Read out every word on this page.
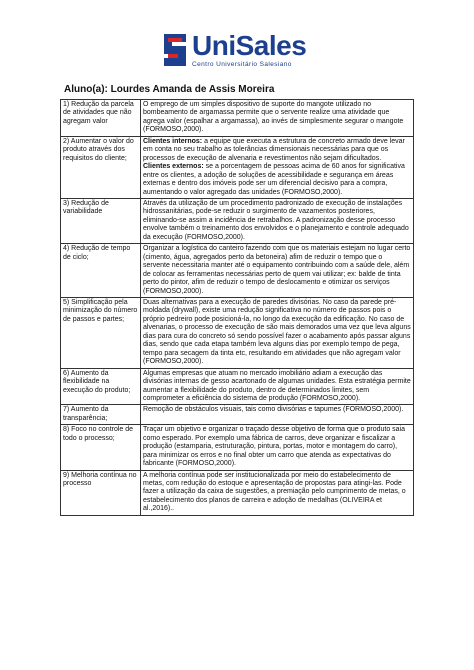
UniSales
Centro Universitário Salesiano
Aluno(a): Lourdes Amanda de Assis Moreira
1) Redução da parcela de atividades que não agregam valor	O emprego de um simples dispositivo de suporte do mangote utilizado no bombeamento de argamassa permite que o servente realize uma atividade que agrega valor (espalhar a argamassa), ao invés de simplesmente segurar o mangote (FORMOSO,2000).
2) Aumentar o valor do produto através dos requisitos do cliente;	Clientes internos: a equipe que executa a estrutura de concreto armado deve levar em conta no seu trabalho as tolerâncias dimensionais necessárias para que os processos de execução de alvenaria e revestimentos não sejam dificultados.
Clientes externos: se a porcentagem de pessoas acima de 60 anos for significativa entre os clientes, a adoção de soluções de acessibilidade e segurança em áreas externas e dentro dos imóveis pode ser um diferencial decisivo para a compra, aumentando o valor agregado das unidades (FORMOSO,2000).
3) Redução de variabilidade	Através da utilização de um procedimento padronizado de execução de instalações hidrossanitárias, pode-se reduzir o surgimento de vazamentos posteriores, eliminando-se assim a incidência de retrabalhos. A padronização desse processo envolve também o treinamento dos envolvidos e o planejamento e controle adequado da execução (FORMOSO,2000).
4) Redução de tempo de ciclo;	Organizar a logística do canteiro fazendo com que os materiais estejam no lugar certo (cimento, água, agregados perto da betoneira) afim de reduzir o tempo que o servente necessitaria manter até o equipamento contribuindo com a saúde dele, além de colocar as ferramentas necessárias perto de quem vai utilizar; ex: balde de tinta perto do pintor, afim de reduzir o tempo de deslocamento e otimizar os serviços (FORMOSO,2000).
5) Simplificação pela minimização do número de passos e partes;	Duas alternativas para a execução de paredes divisórias. No caso da parede pré-moldada (drywall), existe uma redução significativa no número de passos pois o próprio pedreiro pode posicioná-la, no longo da execução da edificação. No caso de alvenarias, o processo de execução de são mais demorados uma vez que leva alguns dias para cura do concreto só sendo possível fazer o acabamento após passar alguns dias, sendo que cada etapa também leva alguns dias por exemplo tempo de pega, tempo para secagem da tinta etc, resultando em atividades que não agregam valor (FORMOSO,2000).
6) Aumento da flexibilidade na execução do produto;	Algumas empresas que atuam no mercado imobiliário adiam a execução das divisórias internas de gesso acartonado de algumas unidades. Esta estratégia permite aumentar a flexibilidade do produto, dentro de determinados limites, sem comprometer a eficiência do sistema de produção (FORMOSO,2000).
7) Aumento da transparência;	Remoção de obstáculos visuais, tais como divisórias e tapumes (FORMOSO,2000).
8) Foco no controle de todo o processo;	Traçar um objetivo e organizar o traçado desse objetivo de forma que o produto saia como esperado. Por exemplo uma fábrica de carros, deve organizar e fiscalizar a produção (estamparia, estruturação, pintura, portas, motor e montagem do carro), para minimizar os erros e no final obter um carro que atenda as expectativas do fabricante (FORMOSO,2000).
9) Melhoria contínua no processo	A melhoria contínua pode ser institucionalizada por meio do estabelecimento de metas, com redução do estoque e apresentação de propostas para atingi-las. Pode fazer a utilização da caixa de sugestões, a premiação pelo cumprimento de metas, o estabelecimento dos planos de carreira e adoção de medalhas (OLIVEIRA et al.,2016)..
